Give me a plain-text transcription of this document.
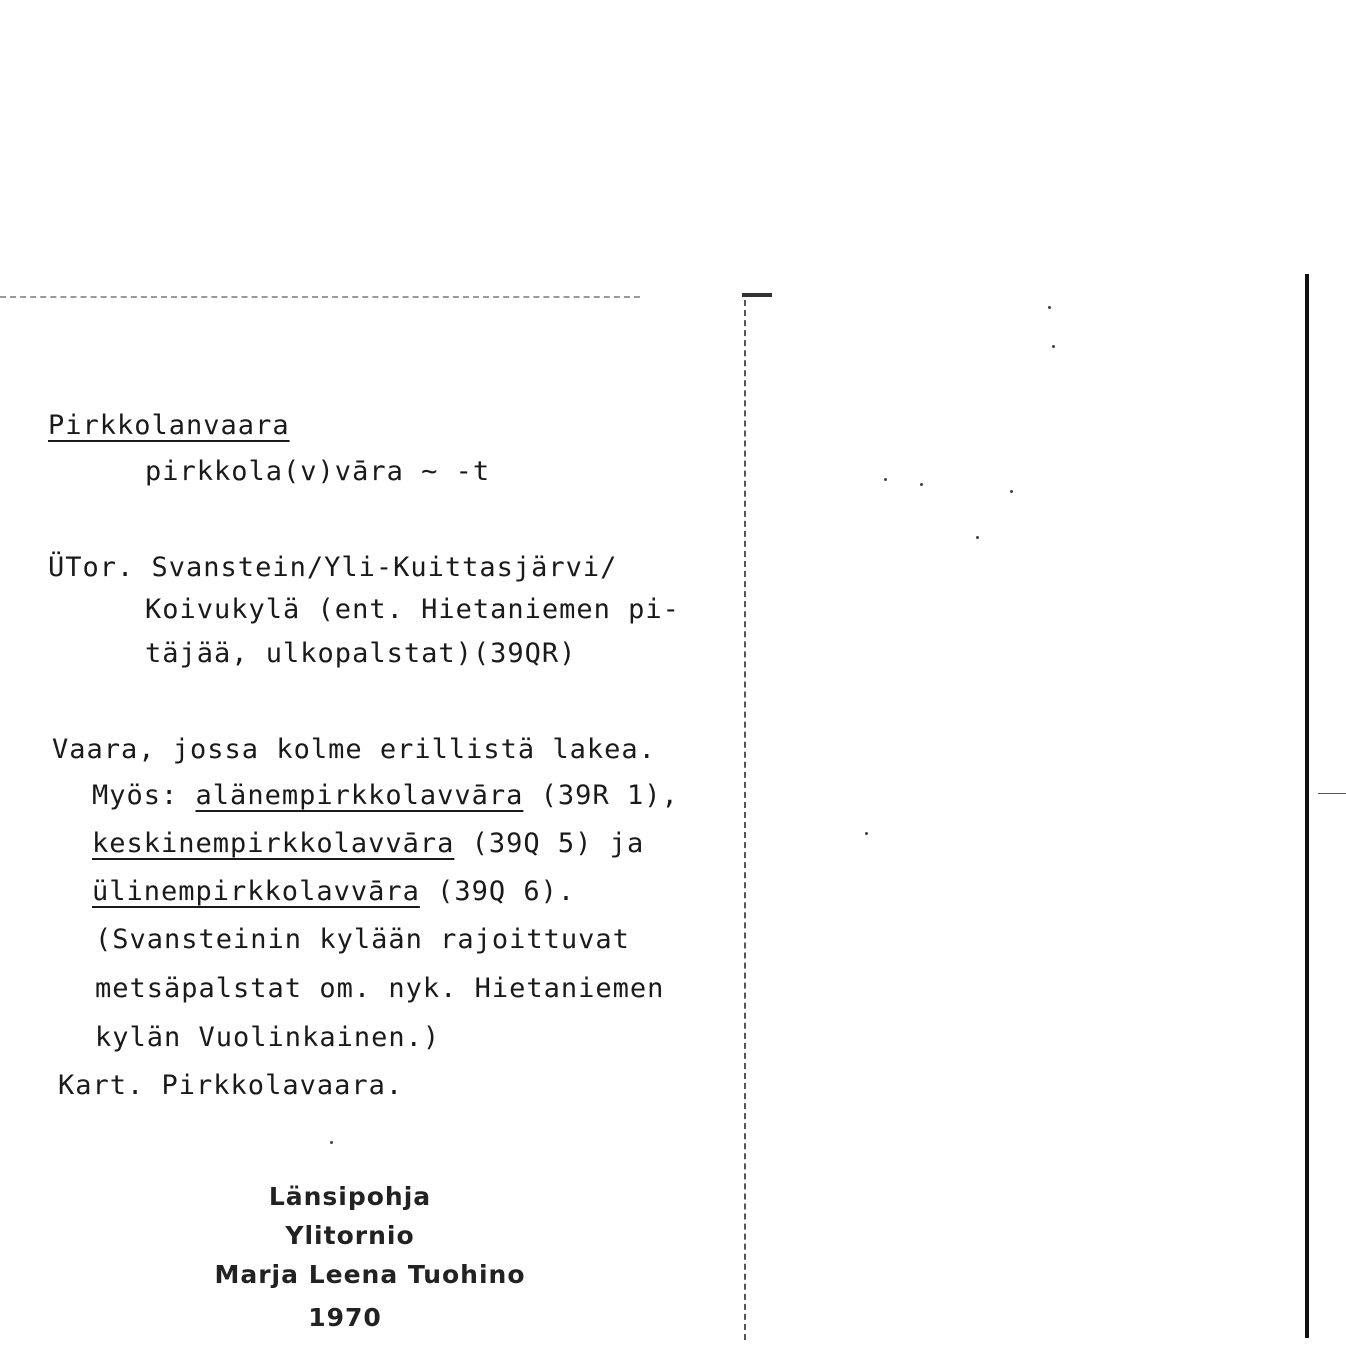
Pirkkolanvaara
pirkkola(v)vāra ~ -t
ÜTor. Svanstein/Yli-Kuittasjärvi/
Koivukylä (ent. Hietaniemen pi-
täjää, ulkopalstat)(39QR)
Vaara, jossa kolme erillistä lakea.
Myös: alänempirkkolavvāra (39R 1),
keskinempirkkolavvāra (39Q 5) ja
ülinempirkkolavvāra (39Q 6).
(Svansteinin kylään rajoittuvat
metsäpalstat om. nyk. Hietaniemen
kylän Vuolinkainen.)
Kart. Pirkkolavaara.
Länsipohja
Ylitornio
Marja Leena Tuohino
1970
